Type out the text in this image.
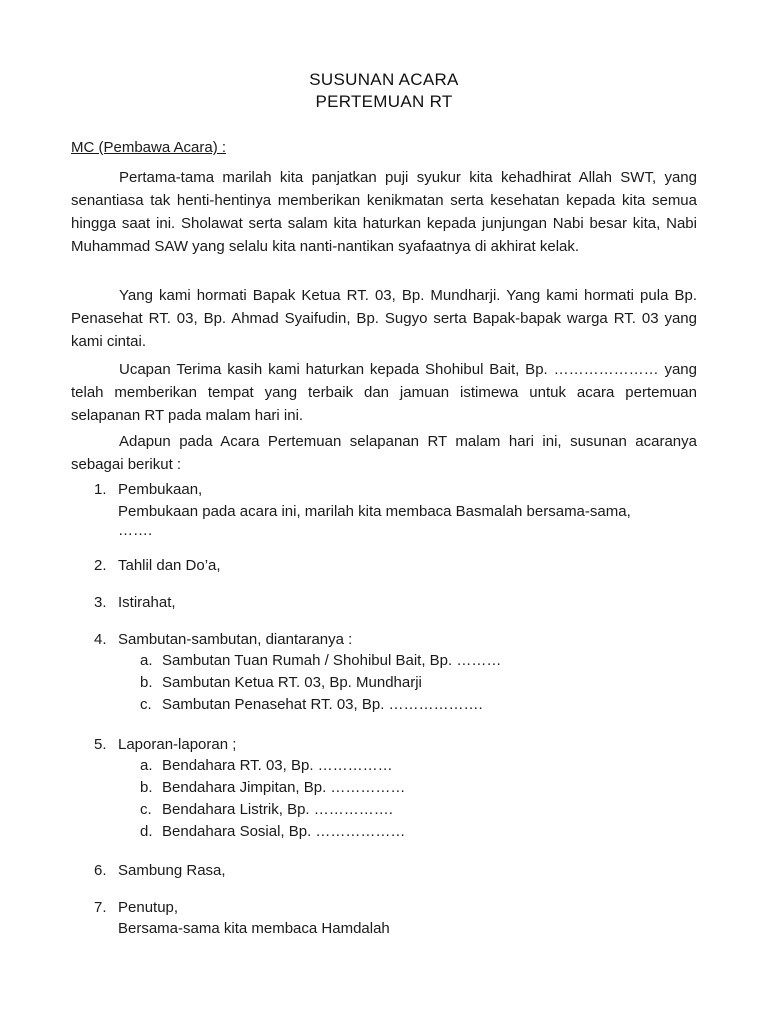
SUSUNAN ACARA
PERTEMUAN RT
MC (Pembawa Acara) :

Pertama-tama marilah kita panjatkan puji syukur kita kehadhirat Allah SWT, yang senantiasa tak henti-hentinya memberikan kenikmatan serta kesehatan kepada kita semua hingga saat ini. Sholawat serta salam kita haturkan kepada junjungan Nabi besar kita, Nabi Muhammad SAW yang selalu kita nanti-nantikan syafaatnya di akhirat kelak.

Yang kami hormati Bapak Ketua RT. 03, Bp. Mundharji. Yang kami hormati pula Bp. Penasehat RT. 03, Bp. Ahmad Syaifudin, Bp. Sugyo serta Bapak-bapak warga RT. 03 yang kami cintai.

Ucapan Terima kasih kami haturkan kepada Shohibul Bait, Bp. ………………… yang telah memberikan tempat yang terbaik dan jamuan istimewa untuk acara pertemuan selapanan RT pada malam hari ini.

Adapun pada Acara Pertemuan selapanan RT malam hari ini, susunan acaranya sebagai berikut :

1. Pembukaan,
Pembukaan pada acara ini, marilah kita membaca Basmalah bersama-sama,
…….
2. Tahlil dan Do’a,
3. Istirahat,
4. Sambutan-sambutan, diantaranya :
a. Sambutan Tuan Rumah / Shohibul Bait, Bp. ………
b. Sambutan Ketua RT. 03, Bp. Mundharji
c. Sambutan Penasehat RT. 03, Bp. ……………….
5. Laporan-laporan ;
a. Bendahara RT. 03, Bp. ……………
b. Bendahara Jimpitan, Bp. ……………
c. Bendahara Listrik, Bp. …………….
d. Bendahara Sosial, Bp. ………………
6. Sambung Rasa,
7. Penutup,
Bersama-sama kita membaca Hamdalah
